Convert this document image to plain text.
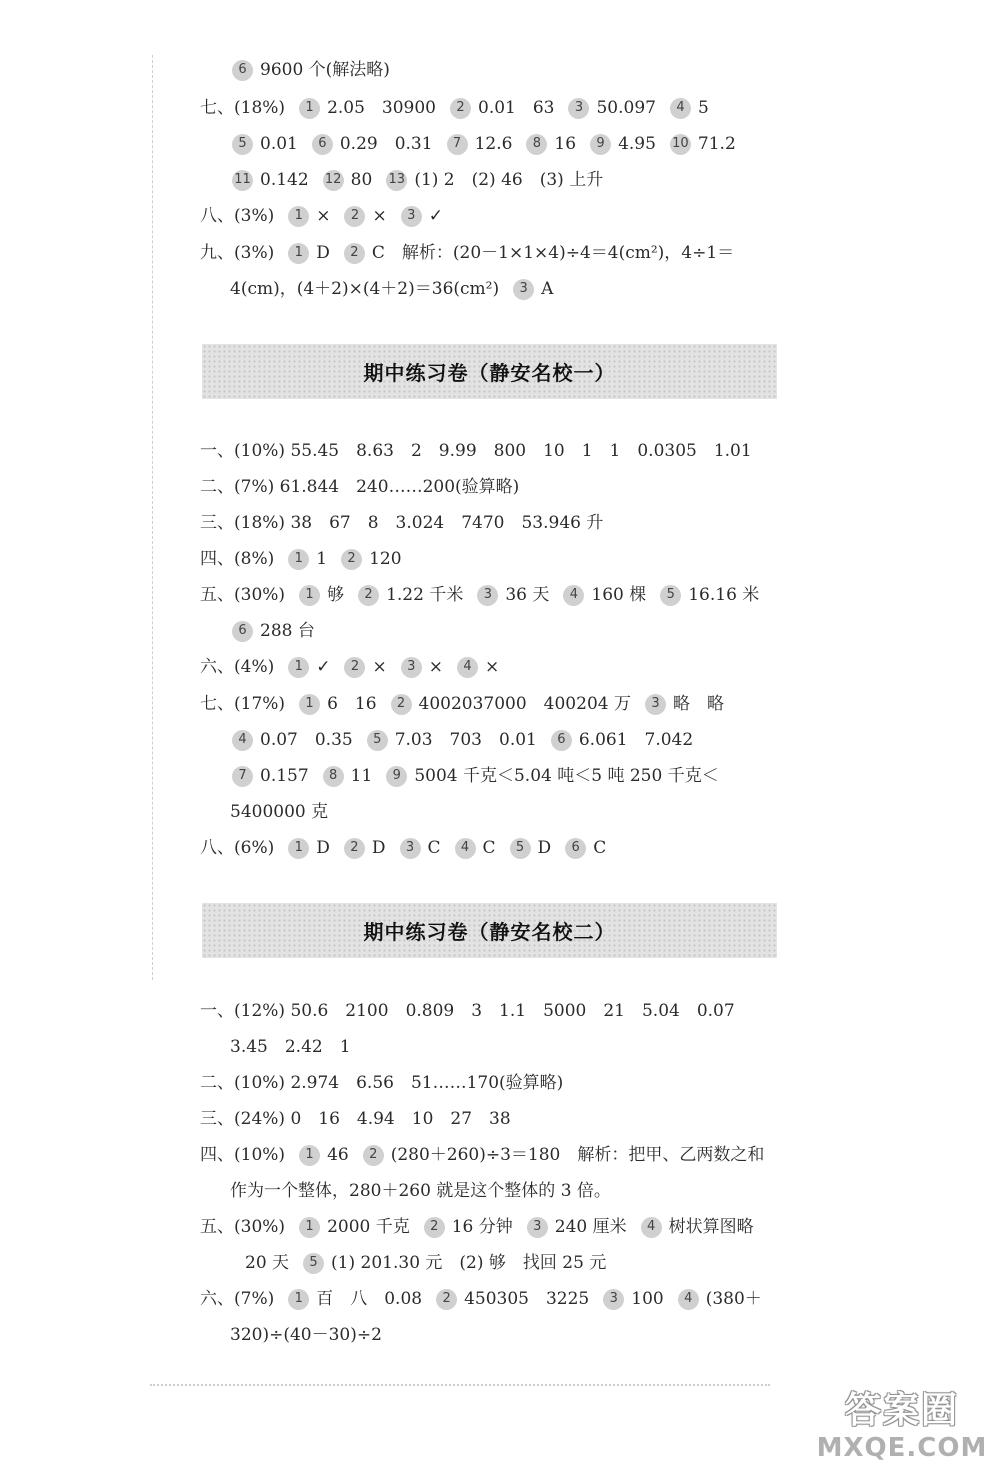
6 9600 个(解法略)
七、(18%)	1 2.05　30900	2 0.01　63	3 50.097	4 5
5 0.01	6 0.29　0.31	7 12.6	8 16	9 4.95 10 71.2
11 0.142 12 80 13 (1) 2　(2) 46　(3) 上升
八、(3%)	1 ×	2 ×	3 ✓
九、(3%)	1 D	2 C　解析：(20－1×1×4)÷4＝4(cm²)，4÷1＝
4(cm)，(4＋2)×(4＋2)＝36(cm²)	3 A
期中练习卷（静安名校一）
一、(10%) 55.45　8.63　2　9.99　800　10　1　1　0.0305　1.01
二、(7%) 61.844　240……200(验算略)
三、(18%) 38　67　8　3.024　7470　53.946 升
四、(8%)	1 1	2 120
五、(30%)	1 够	2 1.22 千米	3 36 天	4 160 棵	5 16.16 米
6 288 台
六、(4%)	1 ✓	2 ×	3 ×	4 ×
七、(17%)	1 6　16	2 4002037000　400204 万	3 略　略
4 0.07　0.35	5 7.03　703　0.01	6 6.061　7.042
7 0.157	8 11	9 5004 千克＜5.04 吨＜5 吨 250 千克＜
5400000 克
八、(6%)	1 D	2 D	3 C	4 C	5 D	6 C
期中练习卷（静安名校二）
一、(12%) 50.6　2100　0.809　3　1.1　5000　21　5.04　0.07
3.45　2.42　1
二、(10%) 2.974　6.56　51……170(验算略)
三、(24%) 0　16　4.94　10　27　38
四、(10%)	1 46	2 (280＋260)÷3＝180　解析：把甲、乙两数之和
作为一个整体，280＋260 就是这个整体的 3 倍。
五、(30%)	1 2000 千克	2 16 分钟	3 240 厘米	4 树状算图略
20 天	5 (1) 201.30 元　(2) 够　找回 25 元
六、(7%)	1 百　八　0.08	2 450305　3225	3 100	4 (380＋
320)÷(40－30)÷2
答案圈
MXQE.COM
